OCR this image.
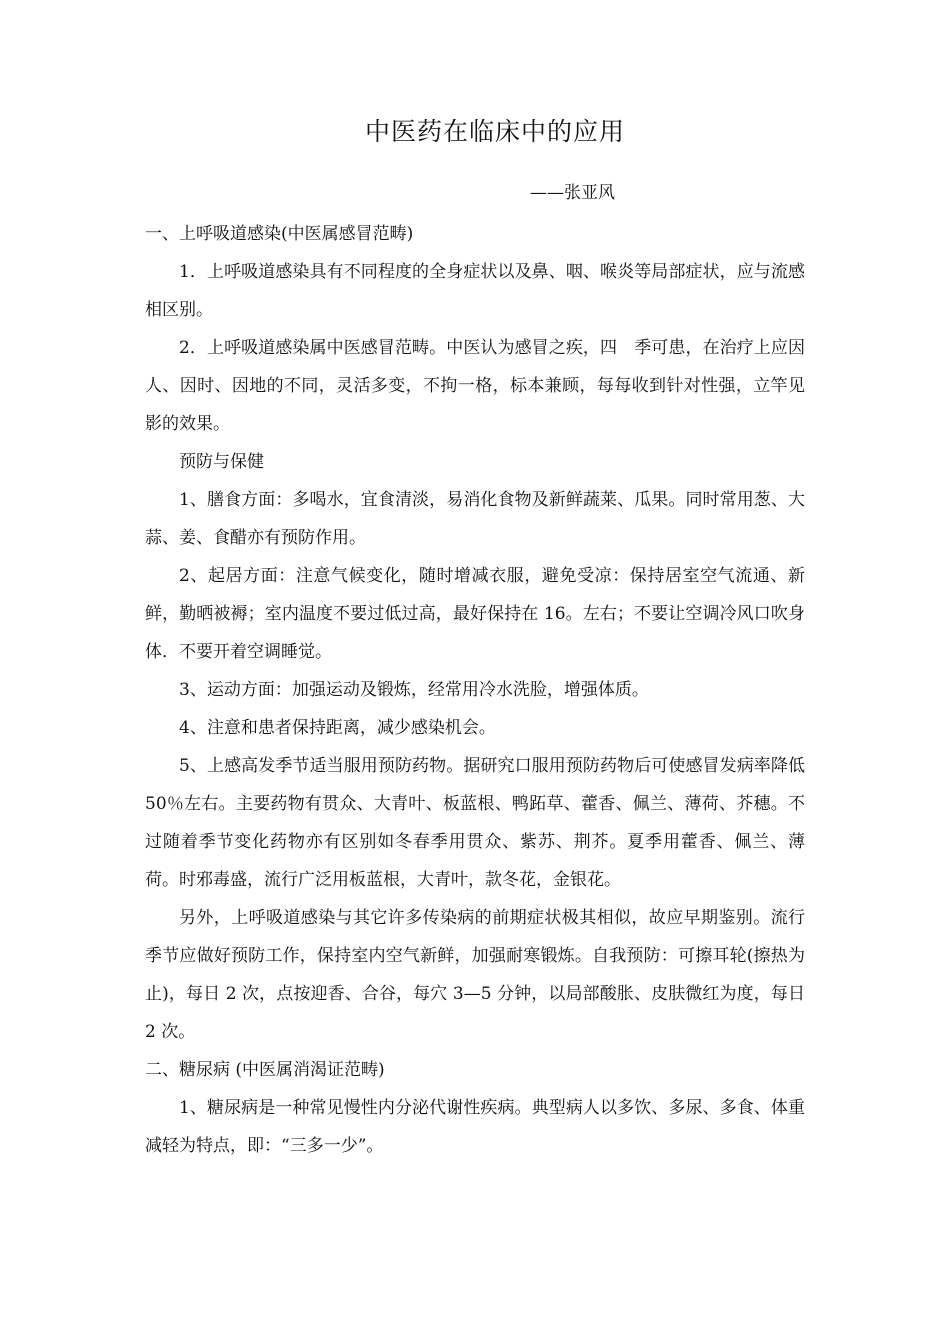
中医药在临床中的应用
——张亚风

一、上呼吸道感染(中医属感冒范畴)

1．上呼吸道感染具有不同程度的全身症状以及鼻、咽、喉炎等局部症状，应与流感相区别。

2．上呼吸道感染属中医感冒范畴。中医认为感冒之疾，四　季可患，在治疗上应因人、因时、因地的不同，灵活多变，不拘一格，标本兼顾，每每收到针对性强，立竿见影的效果。

预防与保健

1、膳食方面：多喝水，宜食清淡，易消化食物及新鲜蔬莱、瓜果。同时常用葱、大蒜、姜、食醋亦有预防作用。

2、起居方面：注意气候变化，随时增减衣服，避免受凉：保持居室空气流通、新鲜，勤晒被褥；室内温度不要过低过高，最好保持在 16。左右；不要让空调冷风口吹身体．不要开着空调睡觉。

3、运动方面：加强运动及锻炼，经常用冷水洗脸，增强体质。

4、注意和患者保持距离，减少感染机会。

5、上感高发季节适当服用预防药物。据研究口服用预防药物后可使感冒发病率降低 50％左右。主要药物有贯众、大青叶、板蓝根、鸭跖草、藿香、佩兰、薄荷、芥穗。不过随着季节变化药物亦有区别如冬春季用贯众、紫苏、荆芥。夏季用藿香、佩兰、薄荷。时邪毒盛，流行广泛用板蓝根，大青叶，款冬花，金银花。

另外，上呼吸道感染与其它许多传染病的前期症状极其相似，故应早期鉴别。流行季节应做好预防工作，保持室内空气新鲜，加强耐寒锻炼。自我预防：可擦耳轮(擦热为止)，每日 2 次，点按迎香、合谷，每穴 3—5 分钟，以局部酸胀、皮肤微红为度，每日 2 次。

二、糖尿病 (中医属消渴证范畴)

1、糖尿病是一种常见慢性内分泌代谢性疾病。典型病人以多饮、多尿、多食、体重减轻为特点，即：“三多一少”。
